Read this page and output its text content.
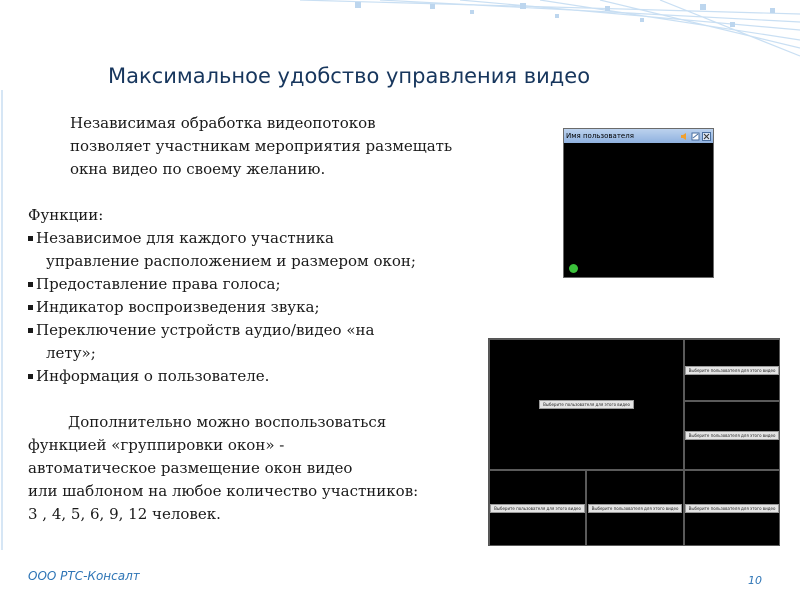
Максимальное удобство управления видео
Независимая обработка видеопотоков
позволяет участникам мероприятия размещать
окна видео по своему желанию.
Функции:
Независимое для каждого участника
управление расположением и размером окон;
Предоставление права голоса;
Индикатор воспроизведения звука;
Переключение устройств аудио/видео «на
лету»;
Информация о пользователе.
Дополнительно можно воспользоваться
функцией «группировки окон» -
автоматическое размещение окон видео
или шаблоном на любое количество участников:
3 , 4, 5, 6, 9, 12 человек.
Имя пользователя
Выберите пользователя для этого видео
Выберите пользователя для этого видео
Выберите пользователя для этого видео
Выберите пользователя для этого видео	Выберите пользователя для этого видео	Выберите пользователя для этого видео
ООО РТС-Консалт	10
